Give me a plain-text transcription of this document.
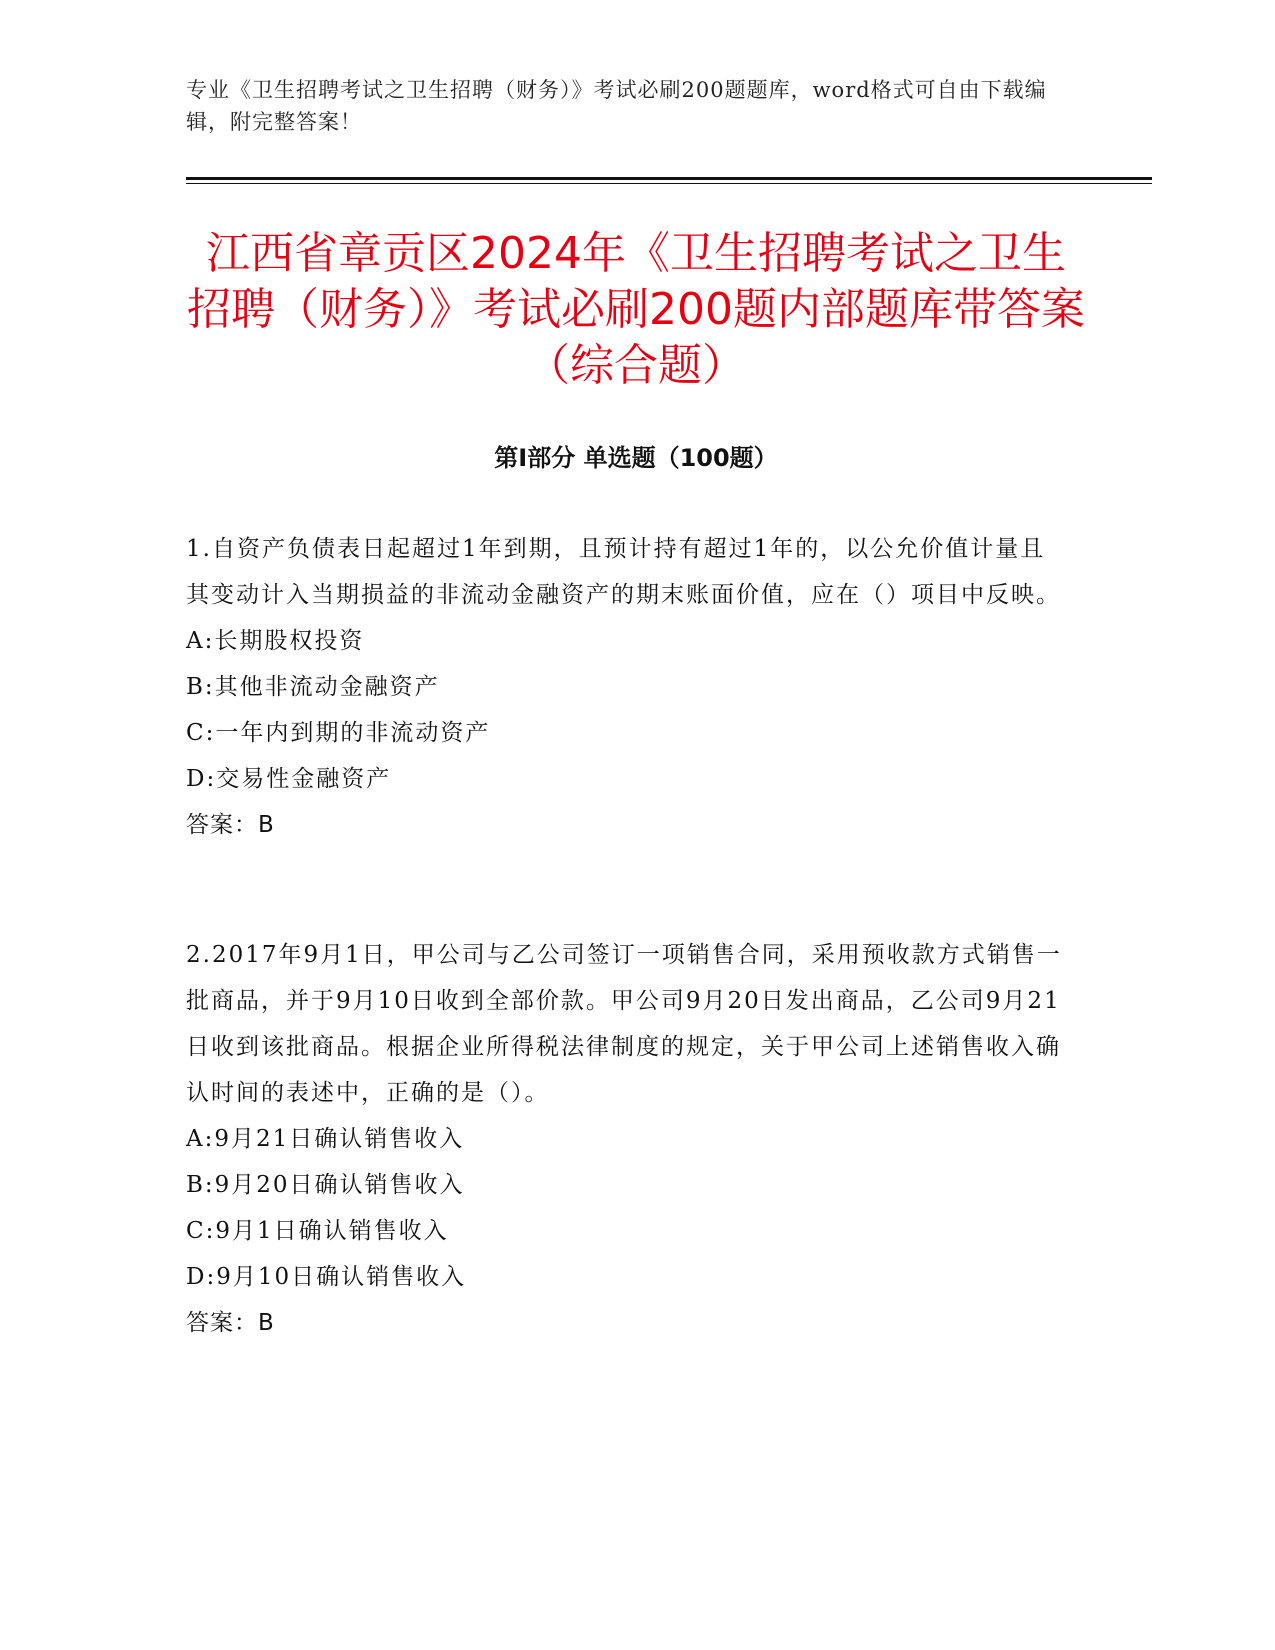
专业《卫生招聘考试之卫生招聘（财务）》考试必刷200题题库，word格式可自由下载编辑，附完整答案！
江西省章贡区2024年《卫生招聘考试之卫生招聘（财务）》考试必刷200题内部题库带答案（综合题）
第Ⅰ部分 单选题（100题）

1.自资产负债表日起超过1年到期，且预计持有超过1年的，以公允价值计量且其变动计入当期损益的非流动金融资产的期末账面价值，应在（）项目中反映。

A:长期股权投资

B:其他非流动金融资产

C:一年内到期的非流动资产

D:交易性金融资产

答案：B

2.2017年9月1日，甲公司与乙公司签订一项销售合同，采用预收款方式销售一批商品，并于9月10日收到全部价款。甲公司9月20日发出商品，乙公司9月21日收到该批商品。根据企业所得税法律制度的规定，关于甲公司上述销售收入确认时间的表述中，正确的是（）。

A:9月21日确认销售收入

B:9月20日确认销售收入

C:9月1日确认销售收入

D:9月10日确认销售收入

答案：B
